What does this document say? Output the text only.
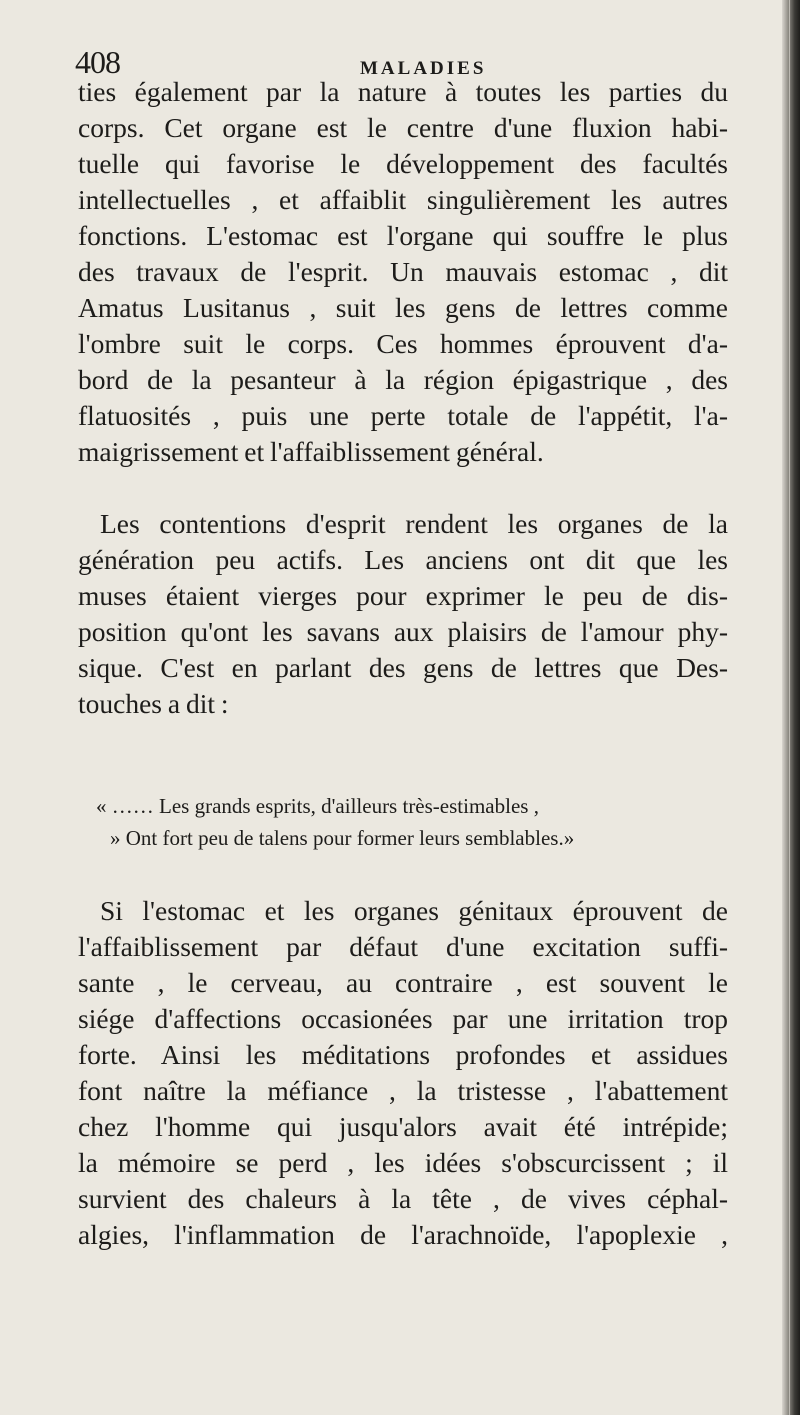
408	MALADIES

ties également par la nature à toutes les parties du
corps. Cet organe est le centre d'une fluxion habi-
tuelle qui favorise le développement des facultés
intellectuelles , et affaiblit singulièrement les autres
fonctions. L'estomac est l'organe qui souffre le plus
des travaux de l'esprit. Un mauvais estomac , dit
Amatus Lusitanus , suit les gens de lettres comme
l'ombre suit le corps. Ces hommes éprouvent d'a-
bord de la pesanteur à la région épigastrique , des
flatuosités , puis une perte totale de l'appétit, l'a-
maigrissement et l'affaiblissement général.

Les contentions d'esprit rendent les organes de la
génération peu actifs. Les anciens ont dit que les
muses étaient vierges pour exprimer le peu de dis-
position qu'ont les savans aux plaisirs de l'amour phy-
sique. C'est en parlant des gens de lettres que Des-
touches a dit :

« …… Les grands esprits, d'ailleurs très-estimables ,
» Ont fort peu de talens pour former leurs semblables.»

Si l'estomac et les organes génitaux éprouvent de
l'affaiblissement par défaut d'une excitation suffi-
sante , le cerveau, au contraire , est souvent le
siége d'affections occasionées par une irritation trop
forte. Ainsi les méditations profondes et assidues
font naître la méfiance , la tristesse , l'abattement
chez l'homme qui jusqu'alors avait été intrépide;
la mémoire se perd , les idées s'obscurcissent ; il
survient des chaleurs à la tête , de vives céphal-
algies, l'inflammation de l'arachnoïde, l'apoplexie ,
